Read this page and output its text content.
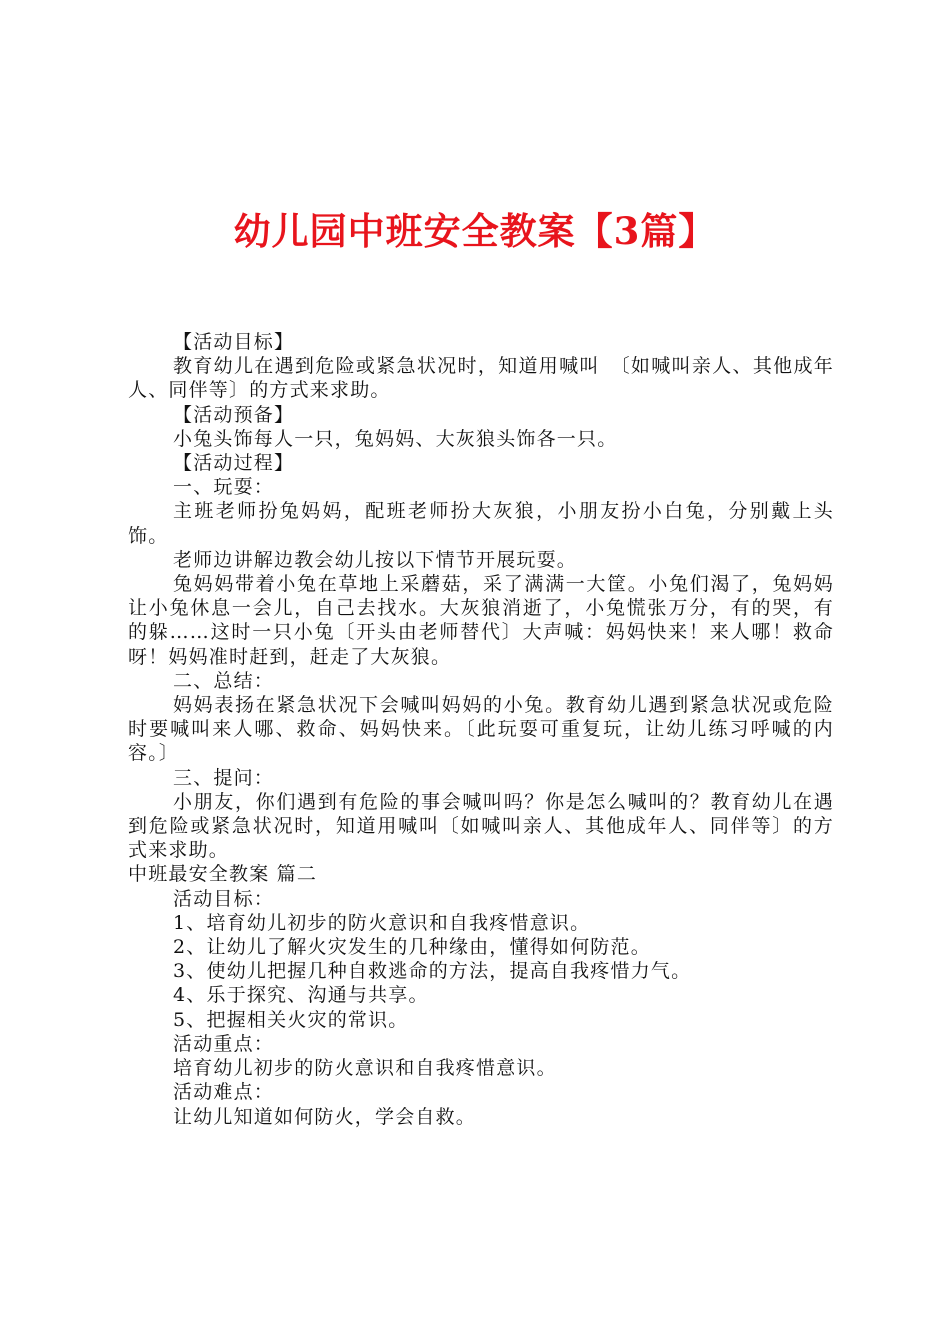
幼儿园中班安全教案【3篇】

【活动目标】

教育幼儿在遇到危险或紧急状况时，知道用喊叫　〔如喊叫亲人、其他成年人、同伴等〕的方式来求助。

【活动预备】

小兔头饰每人一只，兔妈妈、大灰狼头饰各一只。

【活动过程】

一、玩耍：

主班老师扮兔妈妈，配班老师扮大灰狼，小朋友扮小白兔，分别戴上头饰。

老师边讲解边教会幼儿按以下情节开展玩耍。

兔妈妈带着小兔在草地上采蘑菇，采了满满一大筐。小兔们渴了，兔妈妈让小兔休息一会儿，自己去找水。大灰狼消逝了，小兔慌张万分，有的哭，有的躲……这时一只小兔〔开头由老师替代〕大声喊：妈妈快来！来人哪！救命呀！妈妈准时赶到，赶走了大灰狼。

二、总结：

妈妈表扬在紧急状况下会喊叫妈妈的小兔。教育幼儿遇到紧急状况或危险时要喊叫来人哪、救命、妈妈快来。〔此玩耍可重复玩，让幼儿练习呼喊的内容。〕

三、提问：

小朋友，你们遇到有危险的事会喊叫吗？你是怎么喊叫的？教育幼儿在遇到危险或紧急状况时，知道用喊叫〔如喊叫亲人、其他成年人、同伴等〕的方式来求助。

中班最安全教案 篇二

活动目标：

1、培育幼儿初步的防火意识和自我疼惜意识。

2、让幼儿了解火灾发生的几种缘由，懂得如何防范。

3、使幼儿把握几种自救逃命的方法，提高自我疼惜力气。

4、乐于探究、沟通与共享。

5、把握相关火灾的常识。

活动重点：

培育幼儿初步的防火意识和自我疼惜意识。

活动难点：

让幼儿知道如何防火，学会自救。
